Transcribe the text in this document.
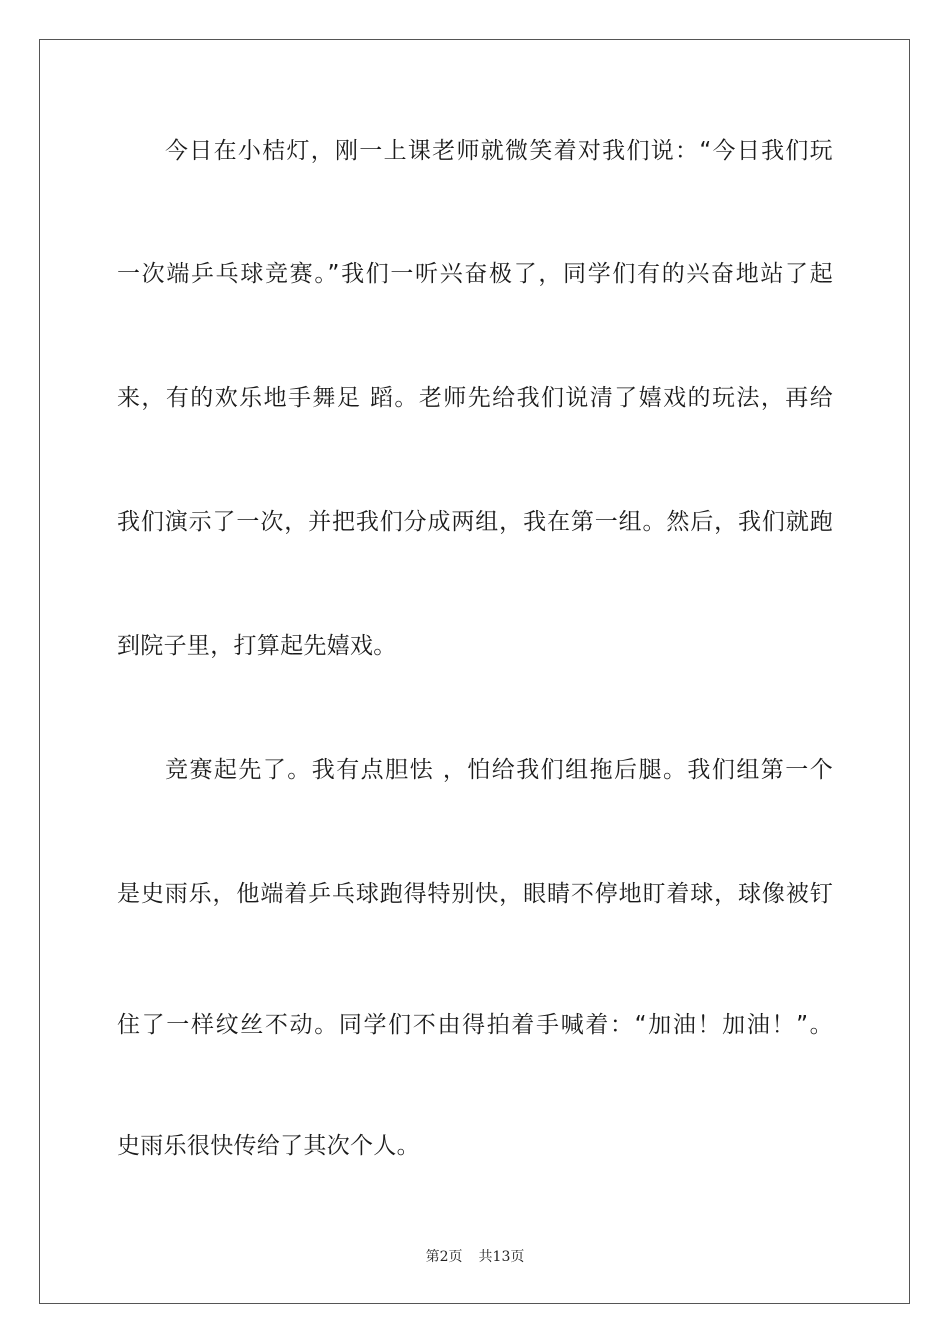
今日在小桔灯，刚一上课老师就微笑着对我们说：“今日我们玩
一次端乒乓球竞赛。”我们一听兴奋极了，同学们有的兴奋地站了起
来，有的欢乐地手舞足 蹈。老师先给我们说清了嬉戏的玩法，再给
我们演示了一次，并把我们分成两组，我在第一组。然后，我们就跑
到院子里，打算起先嬉戏。
竞赛起先了。我有点胆怯 ，怕给我们组拖后腿。我们组第一个
是史雨乐，他端着乒乓球跑得特别快，眼睛不停地盯着球，球像被钉
住了一样纹丝不动。同学们不由得拍着手喊着：“加油！加油！”。
史雨乐很快传给了其次个人。
第2页 共13页
